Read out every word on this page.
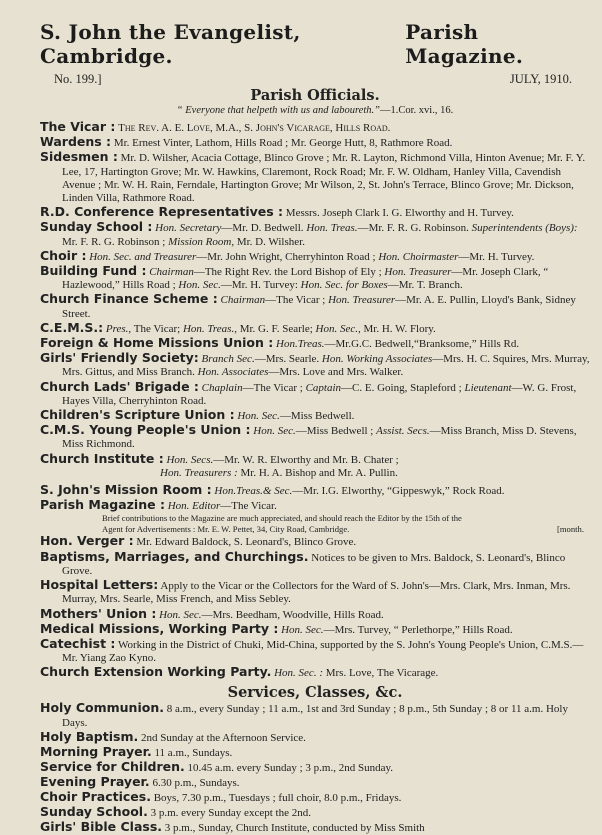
S. John the Evangelist, Cambridge.
Parish Magazine.
No. 199.]	JULY, 1910.
Parish Officials.
“ Everyone that helpeth with us and laboureth.”—1.Cor. xvi., 16.
The Vicar : The Rev. A. E. Love, M.A., S. John's Vicarage, Hills Road.
Wardens : Mr. Ernest Vinter, Lathom, Hills Road ; Mr. George Hutt, 8, Rathmore Road.
Sidesmen : Mr. D. Wilsher, Acacia Cottage, Blinco Grove ; Mr. R. Layton, Richmond Villa, Hinton Avenue; Mr. F. Y. Lee, 17, Hartington Grove; Mr. W. Hawkins, Claremont, Rock Road; Mr. F. W. Oldham, Hanley Villa, Cavendish Avenue ; Mr. W. H. Rain, Ferndale, Hartington Grove; Mr Wilson, 2, St. John's Terrace, Blinco Grove; Mr. Dickson, Linden Villa, Rathmore Road.
R.D. Conference Representatives : Messrs. Joseph Clark I. G. Elworthy and H. Turvey.
Sunday School : Hon. Secretary—Mr. D. Bedwell. Hon. Treas.—Mr. F. R. G. Robinson. Superintendents (Boys): Mr. F. R. G. Robinson ; Mission Room, Mr. D. Wilsher.
Choir : Hon. Sec. and Treasurer—Mr. John Wright, Cherryhinton Road ; Hon. Choirmaster—Mr. H. Turvey.
Building Fund : Chairman—The Right Rev. the Lord Bishop of Ely ; Hon. Treasurer—Mr. Joseph Clark, “ Hazlewood,” Hills Road ; Hon. Sec.—Mr. H. Turvey: Hon. Sec. for Boxes—Mr. T. Branch.
Church Finance Scheme : Chairman—The Vicar ; Hon. Treasurer—Mr. A. E. Pullin, Lloyd's Bank, Sidney Street.
C.E.M.S.: Pres., The Vicar; Hon. Treas., Mr. G. F. Searle; Hon. Sec., Mr. H. W. Flory.
Foreign & Home Missions Union : Hon.Treas.—Mr.G.C. Bedwell,“Branksome,” Hills Rd.
Girls' Friendly Society: Branch Sec.—Mrs. Searle. Hon. Working Associates—Mrs. H. C. Squires, Mrs. Murray, Mrs. Gittus, and Miss Branch. Hon. Associates—Mrs. Love and Mrs. Walker.
Church Lads' Brigade : Chaplain—The Vicar ; Captain—C. E. Going, Stapleford ; Lieutenant—W. G. Frost, Hayes Villa, Cherryhinton Road.
Children's Scripture Union : Hon. Sec.—Miss Bedwell.
C.M.S. Young People's Union : Hon. Sec.—Miss Bedwell ; Assist. Secs.—Miss Branch, Miss D. Stevens, Miss Richmond.
Church Institute : Hon. Secs.—Mr. W. R. Elworthy and Mr. B. Chater ;
Hon. Treasurers : Mr. H. A. Bishop and Mr. A. Pullin.
S. John's Mission Room : Hon.Treas.& Sec.—Mr. I.G. Elworthy, “Gippeswyk,” Rock Road.
Parish Magazine : Hon. Editor—The Vicar.
Brief contributions to the Magazine are much appreciated, and should reach the Editor by the 15th of the
Agent for Advertisements : Mr. E. W. Pettet, 34, City Road, Cambridge.	[month.
Hon. Verger : Mr. Edward Baldock, S. Leonard's, Blinco Grove.
Baptisms, Marriages, and Churchings. Notices to be given to Mrs. Baldock, S. Leonard's, Blinco Grove.
Hospital Letters: Apply to the Vicar or the Collectors for the Ward of S. John's—Mrs. Clark, Mrs. Inman, Mrs. Murray, Mrs. Searle, Miss French, and Miss Sebley.
Mothers' Union : Hon. Sec.—Mrs. Beedham, Woodville, Hills Road.
Medical Missions, Working Party : Hon. Sec.—Mrs. Turvey, “ Perlethorpe,” Hills Road.
Catechist : Working in the District of Chuki, Mid-China, supported by the S. John's Young People's Union, C.M.S.—Mr. Yiang Zao Kyno.
Church Extension Working Party. Hon. Sec. : Mrs. Love, The Vicarage.
Services, Classes, &c.
Holy Communion. 8 a.m., every Sunday ; 11 a.m., 1st and 3rd Sunday ; 8 p.m., 5th Sunday ; 8 or 11 a.m. Holy Days.
Holy Baptism. 2nd Sunday at the Afternoon Service.
Morning Prayer. 11 a.m., Sundays.
Service for Children. 10.45 a.m. every Sunday ; 3 p.m., 2nd Sunday.
Evening Prayer. 6.30 p.m., Sundays.
Choir Practices. Boys, 7.30 p.m., Tuesdays ; full choir, 8.0 p.m., Fridays.
Sunday School. 3 p.m. every Sunday except the 2nd.
Girls' Bible Class. 3 p.m., Sunday, Church Institute, conducted by Miss Smith
